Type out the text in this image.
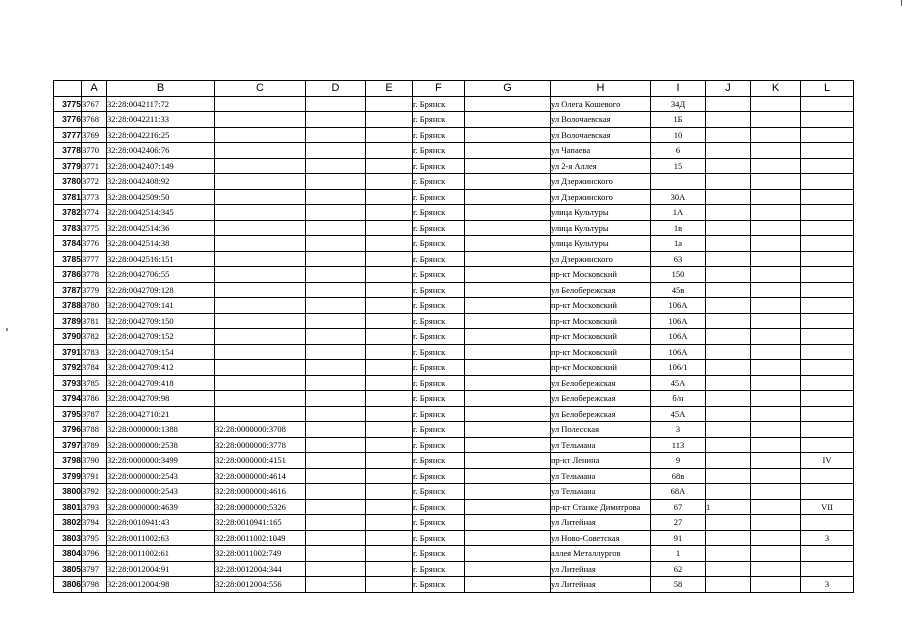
	A	B	C	D	E	F	G	H	I	J	K	L
3775	3767	32:28:0042117:72				г. Брянск		ул Олега Кошевого	34Д			
3776	3768	32:28:0042211:33				г. Брянск		ул Волочаевская	1Б			
3777	3769	32:28:0042216:25				г. Брянск		ул Волочаевская	10			
3778	3770	32:28:0042406:76				г. Брянск		ул Чапаева	6			
3779	3771	32:28:0042407:149				г. Брянск		ул 2-я Аллея	15			
3780	3772	32:28:0042408:92				г. Брянск		ул Дзержинского				
3781	3773	32:28:0042509:50				г. Брянск		ул Дзержинского	30А			
3782	3774	32:28:0042514:345				г. Брянск		улица Культуры	1А			
3783	3775	32:28:0042514:36				г. Брянск		улица Культуры	1в			
3784	3776	32:28:0042514:38				г. Брянск		улица Культуры	1а			
3785	3777	32:28:0042516:151				г. Брянск		ул Дзержинского	63			
3786	3778	32:28:0042706:55				г. Брянск		пр-кт Московский	150			
3787	3779	32:28:0042709:128				г. Брянск		ул Белобережская	45в			
3788	3780	32:28:0042709:141				г. Брянск		пр-кт Московский	106А			
3789	3781	32:28:0042709:150				г. Брянск		пр-кт Московский	106А			
3790	3782	32:28:0042709:152				г. Брянск		пр-кт Московский	106А			
3791	3783	32:28:0042709:154				г. Брянск		пр-кт Московский	106А			
3792	3784	32:28:0042709:412				г. Брянск		пр-кт Московский	106/1			
3793	3785	32:28:0042709:418				г. Брянск		ул Белобережская	45А			
3794	3786	32:28:0042709:98				г. Брянск		ул Белобережская	б/н			
3795	3787	32:28:0042710:21				г. Брянск		ул Белобережская	45А			
3796	3788	32:28:0000000:1388	32:28:0000000:3708			г. Брянск		ул Полесская	3			
3797	3789	32:28:0000000:2538	32:28:0000000:3778			г. Брянск		ул Тельмана	113			
3798	3790	32:28:0000000:3499	32:28:0000000:4151			г. Брянск		пр-кт Ленина	9			IV
3799	3791	32:28:0000000:2543	32:28:0000000:4614			г. Брянск		ул Тельмана	68в			
3800	3792	32:28:0000000:2543	32:28:0000000:4616			г. Брянск		ул Тельмана	68А			
3801	3793	32:28:0000000:4639	32:28:0000000:5326			г. Брянск		пр-кт Станке Димитрова	67	1		VII
3802	3794	32:28:0010941:43	32:28:0010941:165			г. Брянск		ул Литейная	27			
3803	3795	32:28:0011002:63	32:28:0011002:1049			г. Брянск		ул Ново-Советская	91			3
3804	3796	32:28:0011002:61	32:28:0011002:749			г. Брянск		аллея Металлургов	1			
3805	3797	32:28:0012004:91	32:28:0012004:344			г. Брянск		ул Литейная	62			
3806	3798	32:28:0012004:98	32:28:0012004:556			г. Брянск		ул Литейная	58			3
